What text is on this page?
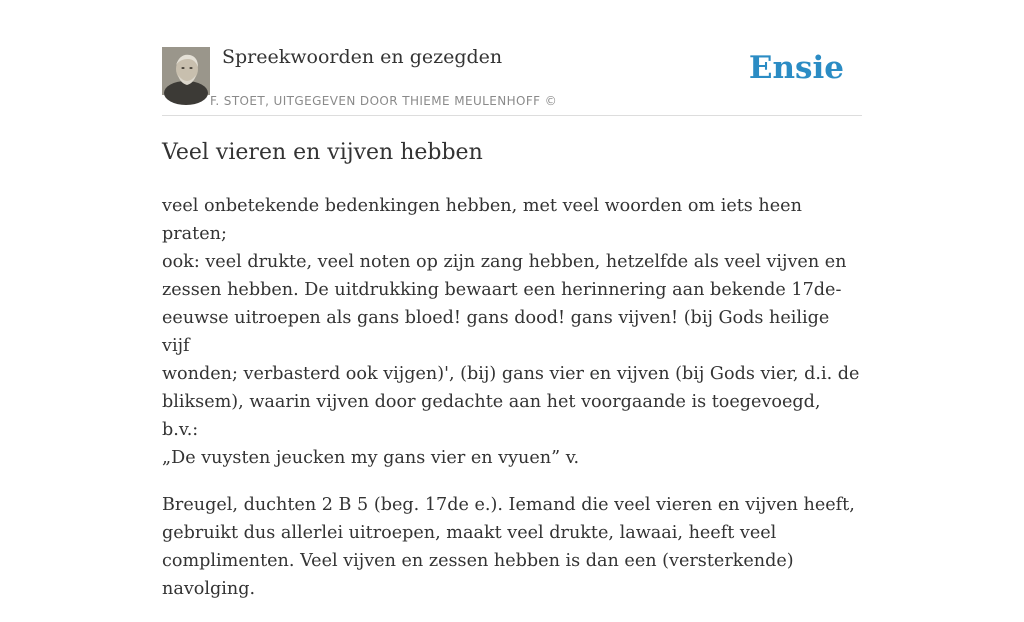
Spreekwoorden en gezegden
F. STOET, UITGEGEVEN DOOR THIEME MEULENHOFF ©
Ensie
Veel vieren en vijven hebben

veel onbetekende bedenkingen hebben, met veel woorden om iets heen praten;
ook: veel drukte, veel noten op zijn zang hebben, hetzelfde als veel vijven en
zessen hebben. De uitdrukking bewaart een herinnering aan bekende 17de-
eeuwse uitroepen als gans bloed! gans dood! gans vijven! (bij Gods heilige vijf
wonden; verbasterd ook vijgen)', (bij) gans vier en vijven (bij Gods vier, d.i. de
bliksem), waarin vijven door gedachte aan het voorgaande is toegevoegd, b.v.:
„De vuysten jeucken my gans vier en vyuen” v.

Breugel, duchten 2 B 5 (beg. 17de e.). Iemand die veel vieren en vijven heeft,
gebruikt dus allerlei uitroepen, maakt veel drukte, lawaai, heeft veel
complimenten. Veel vijven en zessen hebben is dan een (versterkende)
navolging.
